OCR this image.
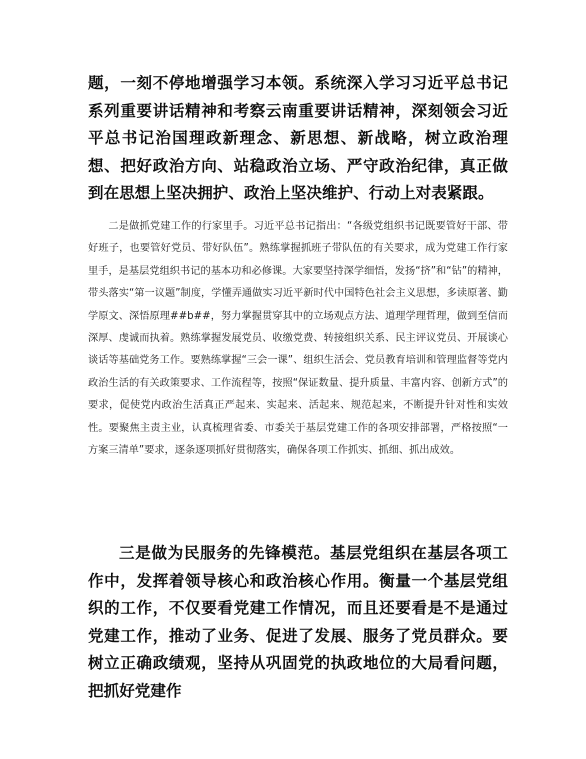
题，一刻不停地增强学习本领。系统深入学习习近平总书记系列重要讲话精神和考察云南重要讲话精神，深刻领会习近平总书记治国理政新理念、新思想、新战略，树立政治理想、把好政治方向、站稳政治立场、严守政治纪律，真正做到在思想上坚决拥护、政治上坚决维护、行动上对表紧跟。

二是做抓党建工作的行家里手。习近平总书记指出：“各级党组织书记既要管好干部、带好班子，也要管好党员、带好队伍”。熟练掌握抓班子带队伍的有关要求，成为党建工作行家里手，是基层党组织书记的基本功和必修课。大家要坚持深学细悟，发扬“挤”和“钻”的精神，带头落实“第一议题”制度，学懂弄通做实习近平新时代中国特色社会主义思想，多读原著、勤学原文、深悟原理##b##，努力掌握贯穿其中的立场观点方法、道理学理哲理，做到至信而深厚、虔诚而执着。熟练掌握发展党员、收缴党费、转接组织关系、民主评议党员、开展谈心谈话等基础党务工作。要熟练掌握“三会一课”、组织生活会、党员教育培训和管理监督等党内政治生活的有关政策要求、工作流程等，按照“保证数量、提升质量、丰富内容、创新方式”的要求，促使党内政治生活真正严起来、实起来、活起来、规范起来，不断提升针对性和实效性。要聚焦主责主业，认真梳理省委、市委关于基层党建工作的各项安排部署，严格按照“一方案三清单”要求，逐条逐项抓好贯彻落实，确保各项工作抓实、抓细、抓出成效。

三是做为民服务的先锋模范。基层党组织在基层各项工作中，发挥着领导核心和政治核心作用。衡量一个基层党组织的工作，不仅要看党建工作情况，而且还要看是不是通过党建工作，推动了业务、促进了发展、服务了党员群众。要树立正确政绩观，坚持从巩固党的执政地位的大局看问题，把抓好党建作
